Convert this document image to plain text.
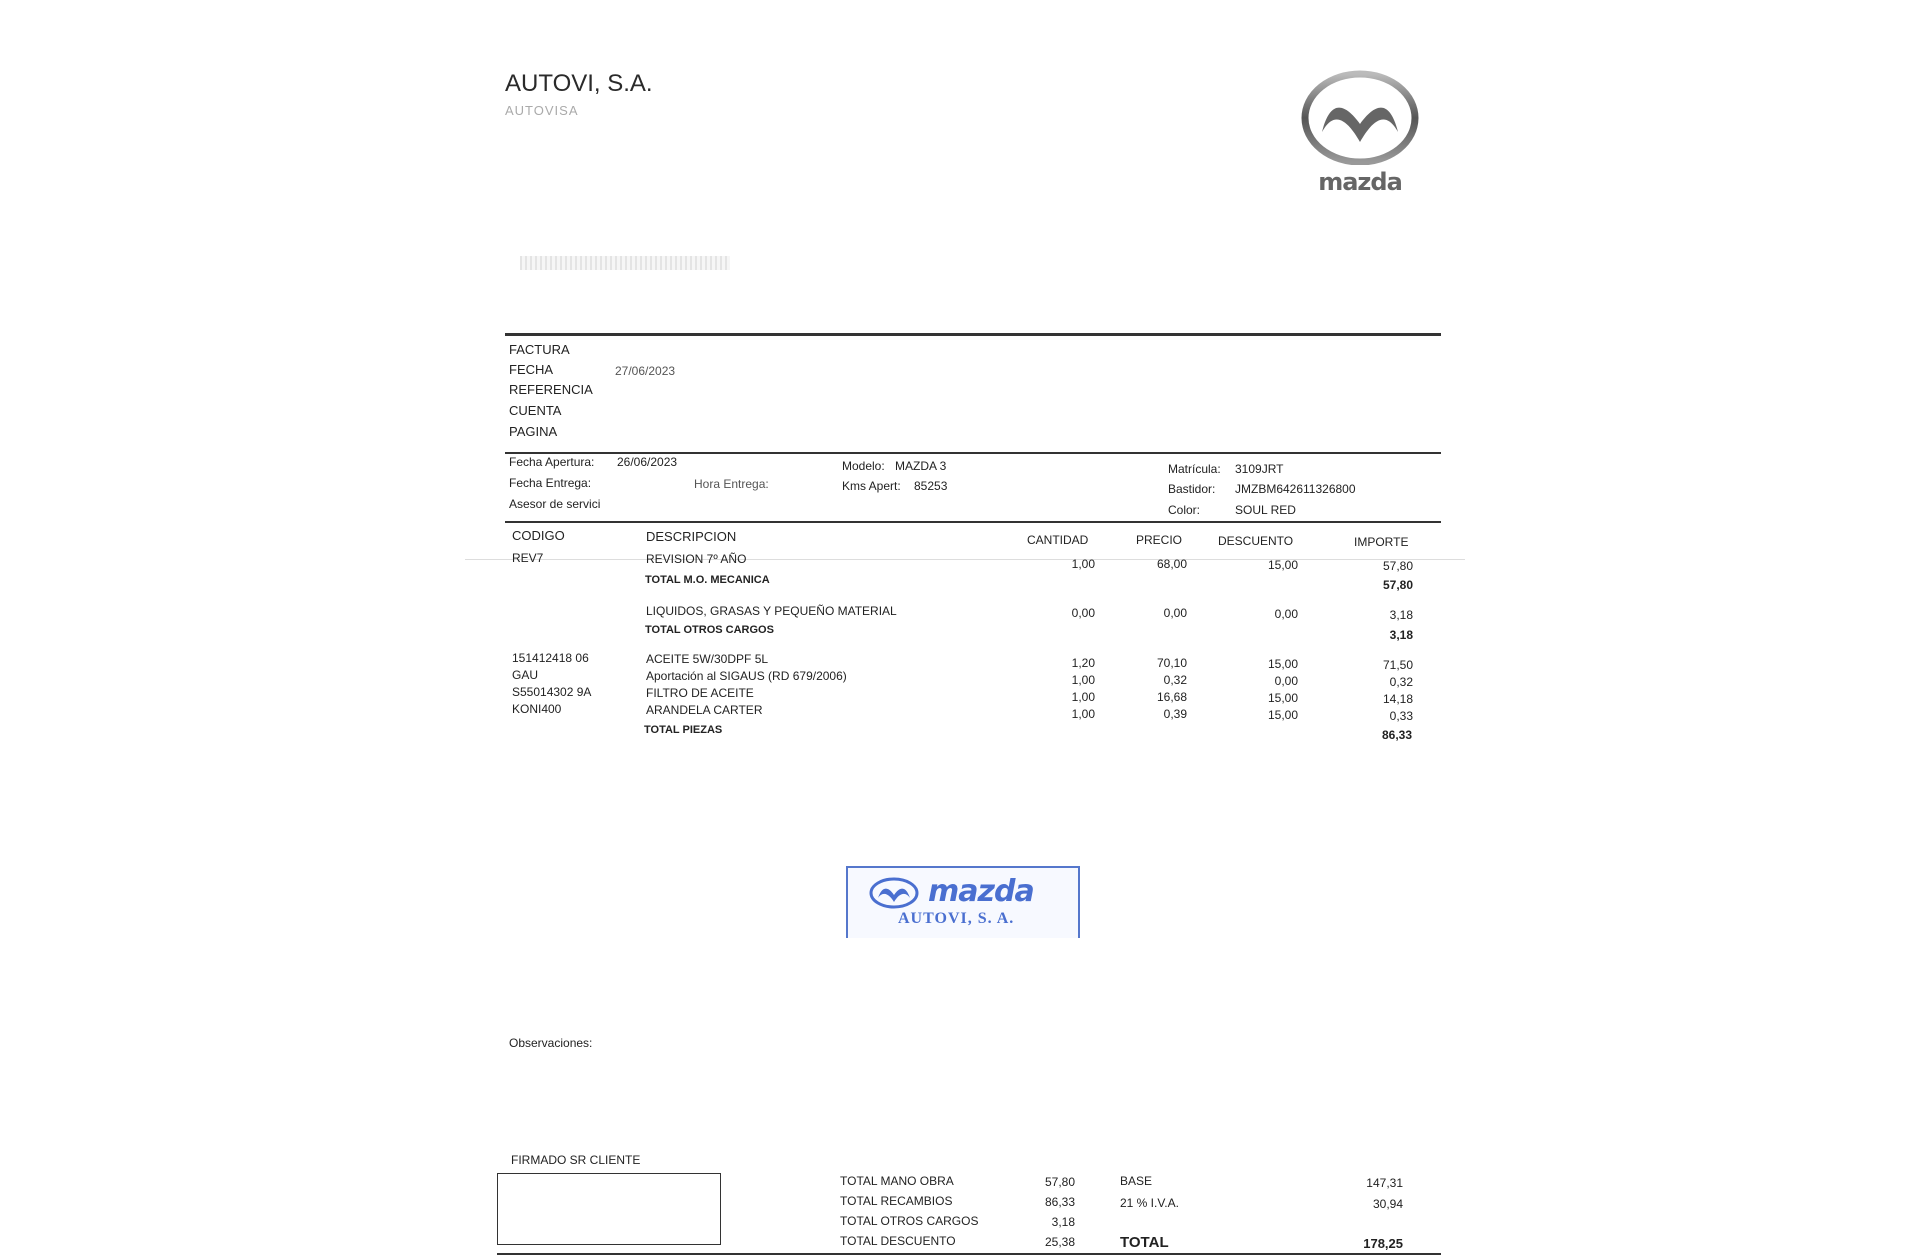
AUTOVI, S.A.
AUTOVISA
mazda
FACTURA
FECHA	27/06/2023
REFERENCIA
CUENTA
PAGINA
Fecha Apertura: 26/06/2023
Fecha Entrega:	Hora Entrega:
Asesor de servici
Modelo: MAZDA 3
Kms Apert: 85253
Matrícula: 3109JRT
Bastidor: JMZBM642611326800
Color:	SOUL RED
CODIGO	DESCRIPCION	CANTIDAD	PRECIO	DESCUENTO	IMPORTE
REV7	REVISION 7º AÑO	1,00	68,00	15,00	57,80
TOTAL M.O. MECANICA	57,80
LIQUIDOS, GRASAS Y PEQUEÑO MATERIAL	0,00	0,00	0,00	3,18
TOTAL OTROS CARGOS	3,18
151412418 06	ACEITE 5W/30DPF 5L	1,20	70,10	15,00	71,50
GAU	Aportación al SIGAUS (RD 679/2006)	1,00	0,32	0,00	0,32
S55014302 9A	FILTRO DE ACEITE	1,00	16,68	15,00	14,18
KONI400	ARANDELA CARTER	1,00	0,39	15,00	0,33
TOTAL PIEZAS	86,33
mazda
AUTOVI, S. A.
Observaciones:
FIRMADO SR CLIENTE
TOTAL MANO OBRA	57,80
TOTAL RECAMBIOS	86,33
TOTAL OTROS CARGOS	3,18
TOTAL DESCUENTO	25,38
BASE	147,31
21 % I.V.A.	30,94
TOTAL	178,25
